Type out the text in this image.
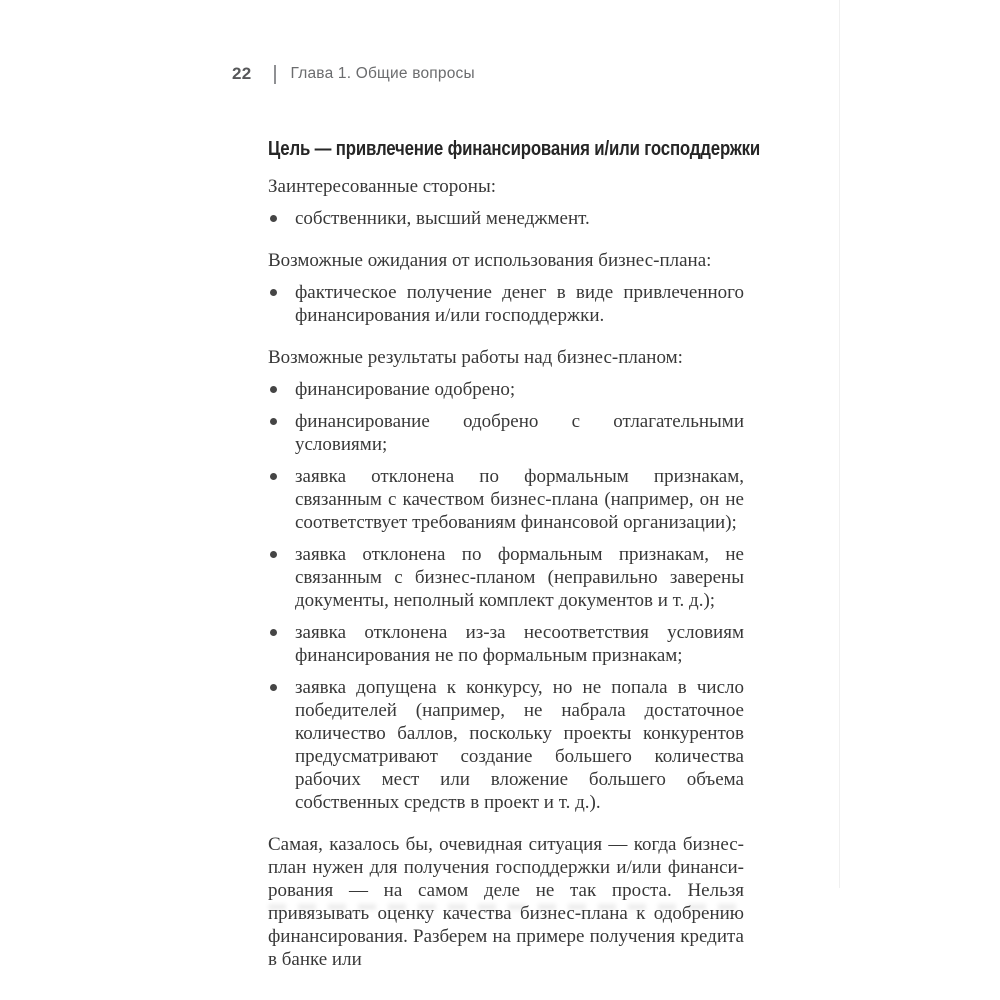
22	Глава 1. Общие вопросы
Цель — привлечение финансирования и/или господдержки

Заинтересованные стороны:

собственники, высший менеджмент.

Возможные ожидания от использования бизнес-плана:

фактическое получение денег в виде привлеченного финансирования и/или господдержки.

Возможные результаты работы над бизнес-планом:

финансирование одобрено;
финансирование одобрено с отлагательными условиями;
заявка отклонена по формальным признакам, связанным с качеством бизнес-плана (например, он не соответствует требованиям финансовой организации);
заявка отклонена по формальным признакам, не связанным с бизнес-планом (неправильно заверены документы, неполный комплект документов и т. д.);
заявка отклонена из-за несоответствия условиям финансирования не по формальным признакам;
заявка допущена к конкурсу, но не попала в число победителей (например, не набрала достаточное количество баллов, поскольку проекты конкурентов предусматривают создание большего количества рабочих мест или вложение большего объема собственных средств в проект и т. д.).

Самая, казалось бы, очевидная ситуация — когда бизнес-план нужен для получения господдержки и/или финансирования — на самом деле не так проста. Нельзя привязывать оценку качества бизнес-плана к одобрению финансирования. Разберем на примере получения кредита в банке или
